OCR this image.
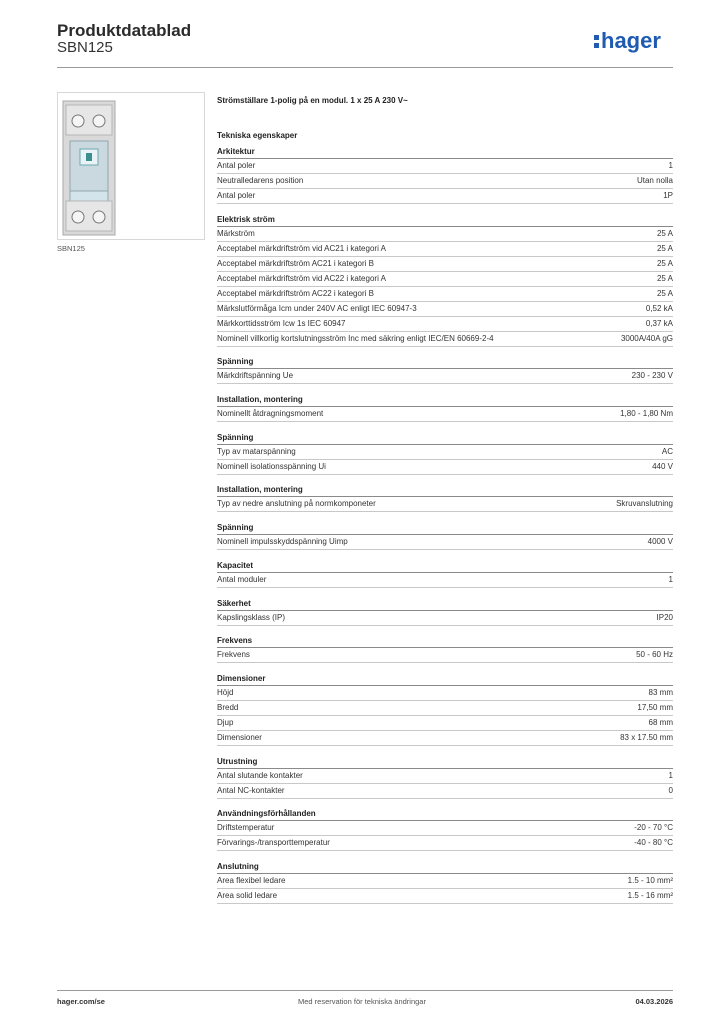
Produktdatablad
SBN125	hager
SBN125
Strömställare 1-polig på en modul. 1 x 25 A 230 V~
Tekniska egenskaper
Arkitektur
Antal poler	1
Neutralledarens position	Utan nolla
Antal poler	1P
Elektrisk ström
Märkström	25 A
Acceptabel märkdriftström vid AC21 i kategori A	25 A
Acceptabel märkdriftström AC21 i kategori B	25 A
Acceptabel märkdriftström vid AC22 i kategori A	25 A
Acceptabel märkdriftström AC22 i kategori B	25 A
Märkslutförmåga Icm under 240V AC enligt IEC 60947-3	0,52 kA
Märkkorttidsström Icw 1s IEC 60947	0,37 kA
Nominell villkorlig kortslutningsström Inc med säkring enligt IEC/EN 60669-2-4	3000A/40A gG
Spänning
Märkdriftspänning Ue	230 - 230 V
Installation, montering
Nominellt åtdragningsmoment	1,80 - 1,80 Nm
Spänning
Typ av matarspänning	AC
Nominell isolationsspänning Ui	440 V
Installation, montering
Typ av nedre anslutning på normkomponeter	Skruvanslutning
Spänning
Nominell impulsskyddspänning Uimp	4000 V
Kapacitet
Antal moduler	1
Säkerhet
Kapslingsklass (IP)	IP20
Frekvens
Frekvens	50 - 60 Hz
Dimensioner
Höjd	83 mm
Bredd	17,50 mm
Djup	68 mm
Dimensioner	83 x 17.50 mm
Utrustning
Antal slutande kontakter	1
Antal NC-kontakter	0
Användningsförhållanden
Driftstemperatur	-20 - 70 °C
Förvarings-/transporttemperatur	-40 - 80 °C
Anslutning
Area flexibel ledare	1.5 - 10 mm²
Area solid ledare	1.5 - 16 mm²
hager.com/se	Med reservation för tekniska ändringar	04.03.2026
